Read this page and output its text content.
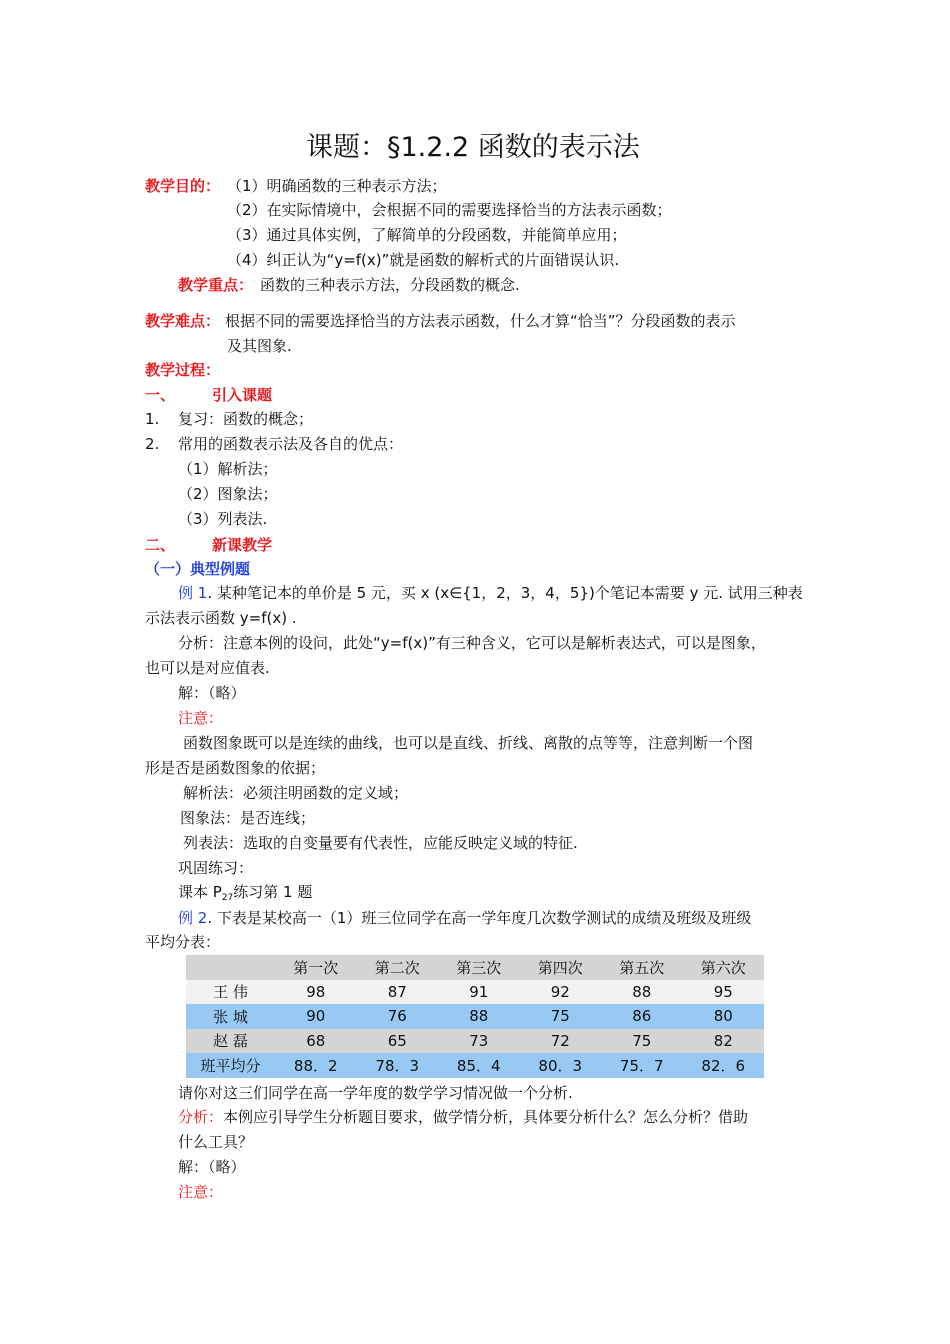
课题：§1.2.2 函数的表示法
教学目的： （1）明确函数的三种表示方法；
（2）在实际情境中，会根据不同的需要选择恰当的方法表示函数；
（3）通过具体实例，了解简单的分段函数，并能简单应用；
（4）纠正认为“y=f(x)”就是函数的解析式的片面错误认识.
教学重点： 函数的三种表示方法，分段函数的概念.
教学难点： 根据不同的需要选择恰当的方法表示函数，什么才算“恰当”？分段函数的表示
及其图象.
教学过程：
一、 引入课题
1. 复习：函数的概念；
2. 常用的函数表示法及各自的优点：
（1）解析法；
（2）图象法；
（3）列表法.
二、 新课教学
（一）典型例题
例 1. 某种笔记本的单价是 5 元，买 x (x∈{1，2，3，4，5})个笔记本需要 y 元. 试用三种表
示法表示函数 y=f(x) .
分析：注意本例的设问，此处“y=f(x)”有三种含义，它可以是解析表达式，可以是图象，
也可以是对应值表.
解：（略）
注意：
函数图象既可以是连续的曲线，也可以是直线、折线、离散的点等等，注意判断一个图
形是否是函数图象的依据；
解析法：必须注明函数的定义域；
图象法：是否连线；
列表法：选取的自变量要有代表性，应能反映定义域的特征.
巩固练习：
课本 $P_{27}$练习第 1 题
例 2. 下表是某校高一（1）班三位同学在高一学年度几次数学测试的成绩及班级及班级
平均分表：
	第一次	第二次	第三次	第四次	第五次	第六次
王 伟	98	87	91	92	88	95
张 城	90	76	88	75	86	80
赵 磊	68	65	73	72	75	82
班平均分	88．2	78．3	85．4	80．3	75．7	82．6
请你对这三们同学在高一学年度的数学学习情况做一个分析.
分析：本例应引导学生分析题目要求，做学情分析，具体要分析什么？怎么分析？借助
什么工具？
解：（略）
注意：
